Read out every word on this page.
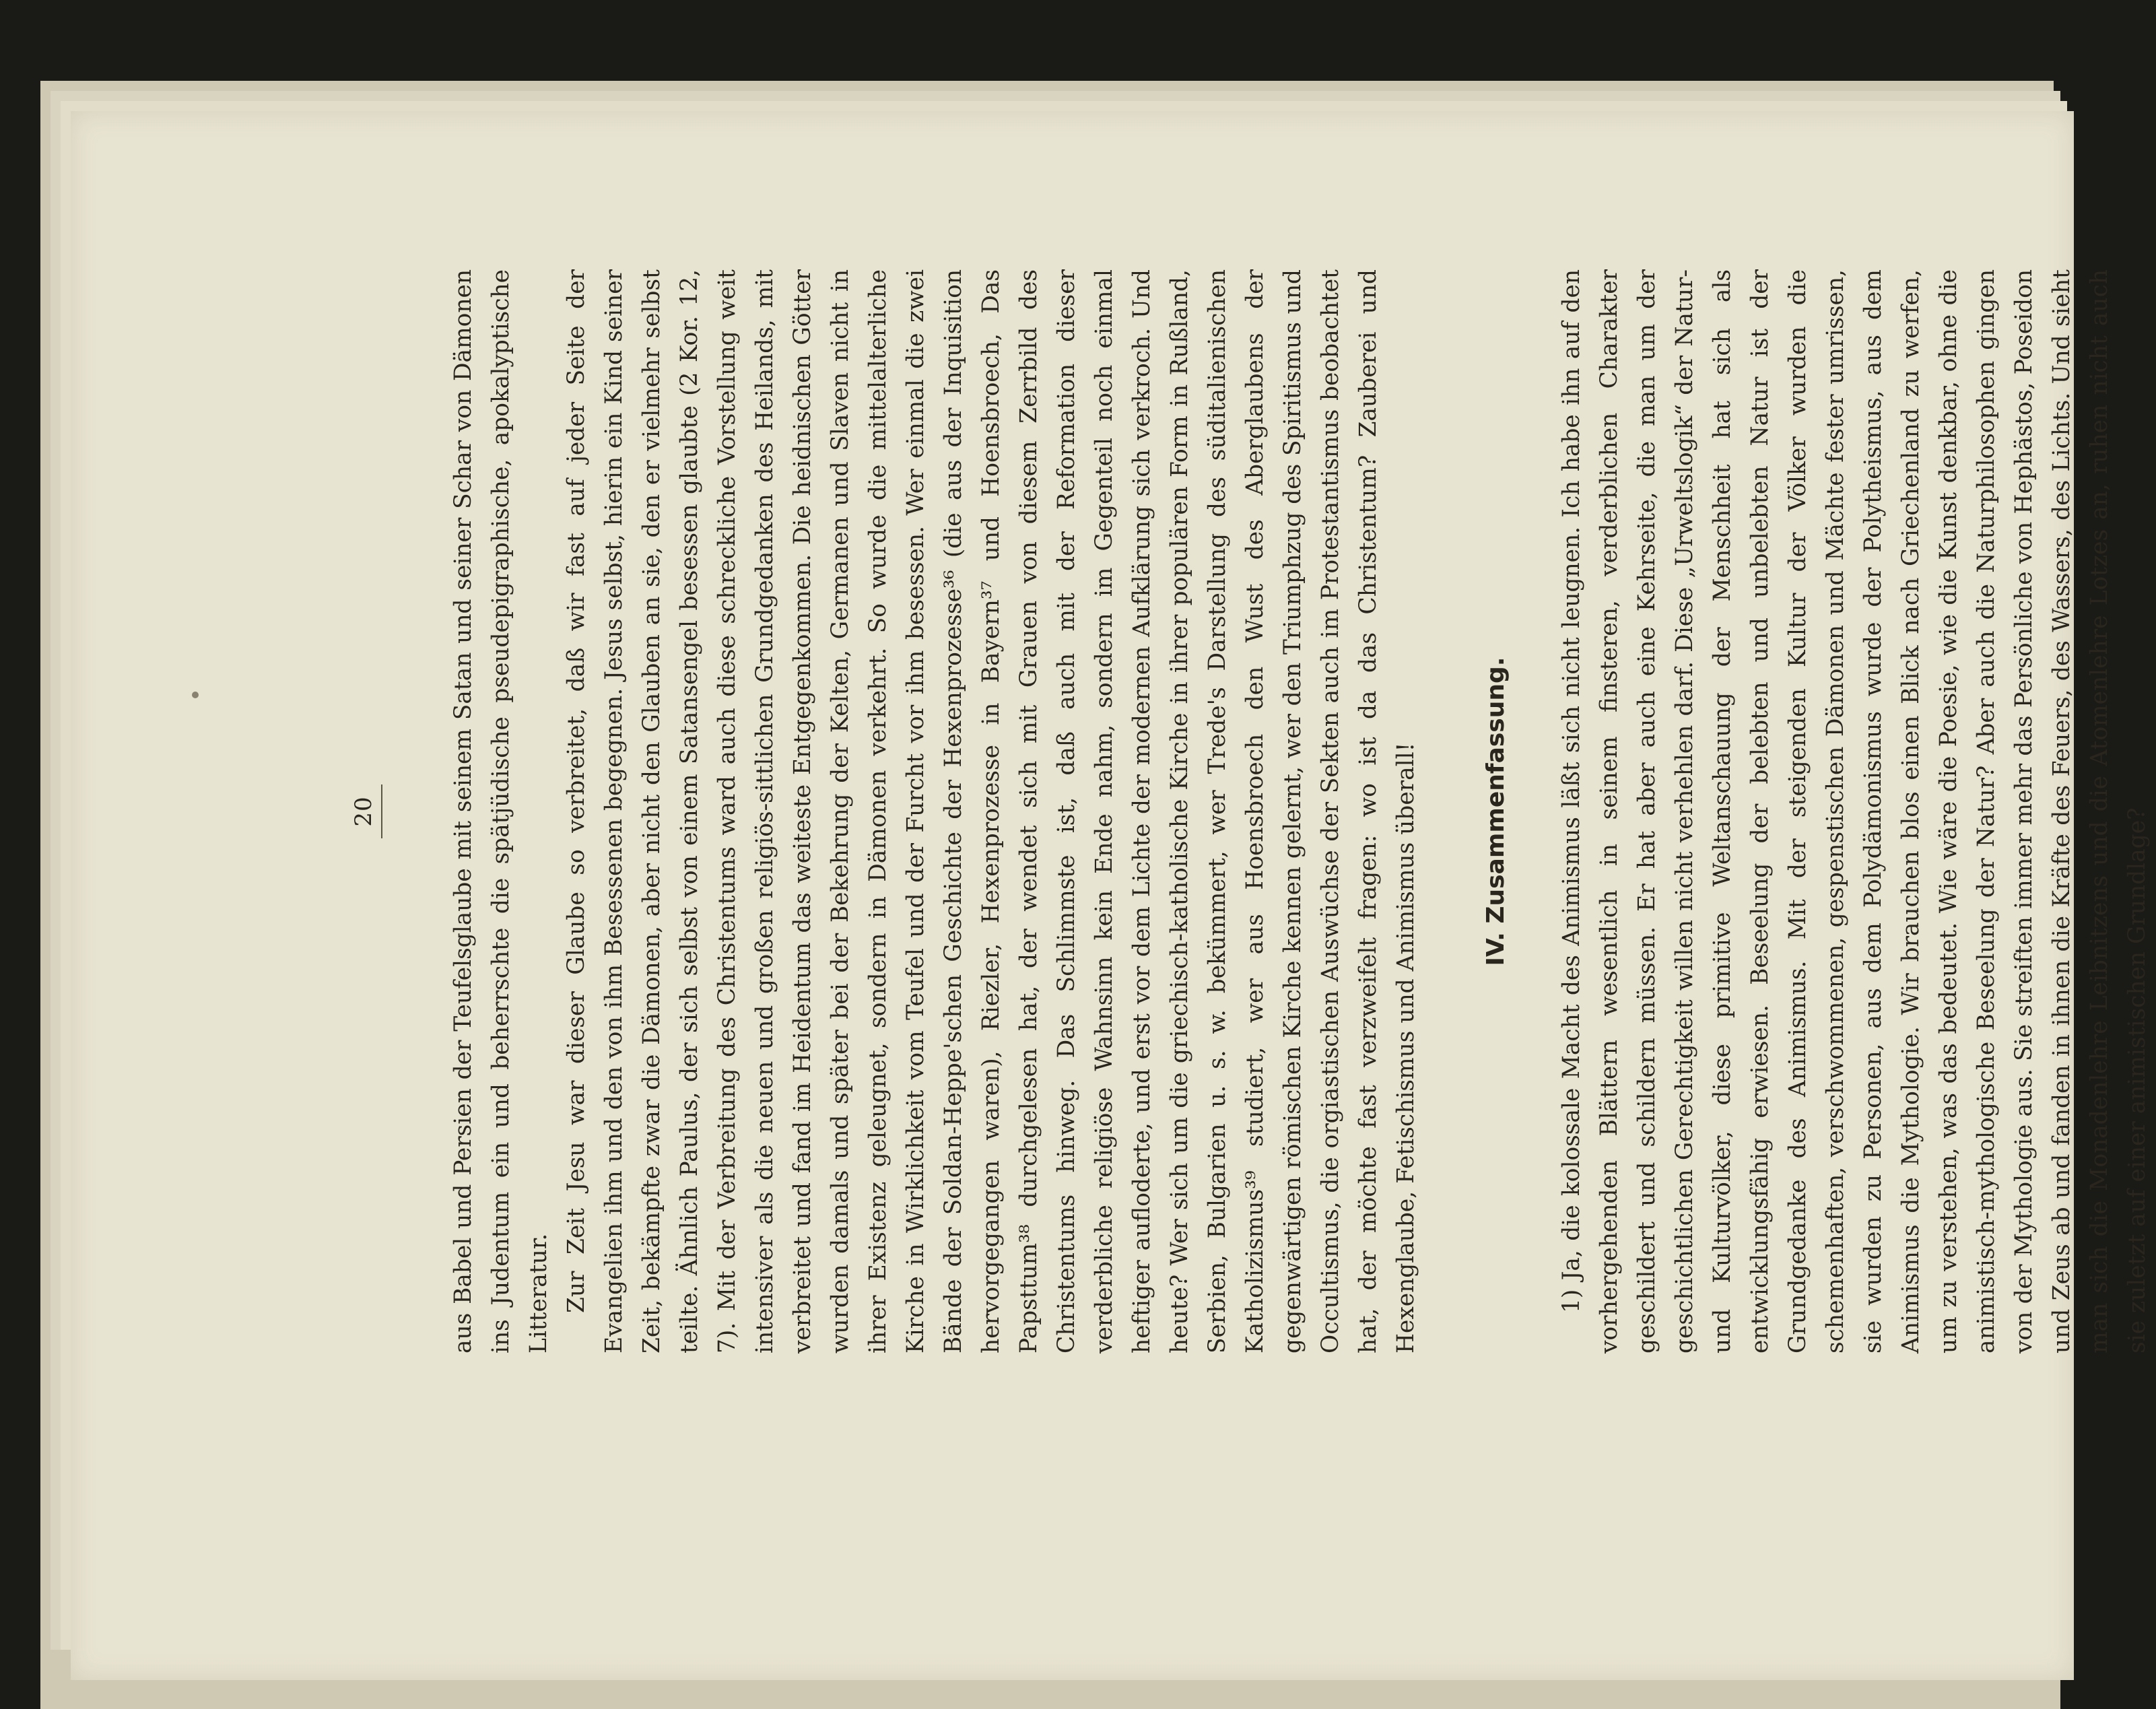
20	aus Babel und Persien der Teufelsglaube mit seinem Satan und seiner Schar von Dämonen ins Judentum ein und beherrschte die spätjüdische pseudepigraphische, apokalyptische Litteratur. Zur Zeit Jesu war dieser Glaube so verbreitet, daß wir fast auf jeder Seite der Evangelien ihm und den von ihm Besessenen begegnen. Jesus selbst, hierin ein Kind seiner Zeit, bekämpfte zwar die Dämonen, aber nicht den Glauben an sie, den er vielmehr selbst teilte. Ähnlich Paulus, der sich selbst von einem Satansengel besessen glaubte (2 Kor. 12, 7). Mit der Verbreitung des Christentums ward auch diese schreckliche Vorstellung weit intensiver als die neuen und großen religiös-sittlichen Grundgedanken des Heilands, mit verbreitet und fand im Heidentum das weiteste Entgegenkommen. Die heidnischen Götter wurden damals und später bei der Bekehrung der Kelten, Germanen und Slaven nicht in ihrer Existenz geleugnet, sondern in Dämonen verkehrt. So wurde die mittelalterliche Kirche in Wirklichkeit vom Teufel und der Furcht vor ihm besessen. Wer einmal die zwei Bände der Soldan-Heppe'schen Geschichte der Hexenprozesse³⁶ (die aus der Inquisition hervorgegangen waren), Riezler, Hexenprozesse in Bayern³⁷ und Hoensbroech, Das Papsttum³⁸ durchgelesen hat, der wendet sich mit Grauen von diesem Zerrbild des Christentums hinweg. Das Schlimmste ist, daß auch mit der Reformation dieser verderbliche religiöse Wahnsinn kein Ende nahm, sondern im Gegenteil noch einmal heftiger aufloderte, und erst vor dem Lichte der modernen Aufklärung sich verkroch. Und heute? Wer sich um die griechisch-katholische Kirche in ihrer populären Form in Rußland, Serbien, Bulgarien u. s. w. bekümmert, wer Trede's Darstellung des süditalienischen Katholizismus³⁹ studiert, wer aus Hoensbroech den Wust des Aberglaubens der gegenwärtigen römischen Kirche kennen gelernt, wer den Triumphzug des Spiritismus und Occultismus, die orgiastischen Auswüchse der Sekten auch im Protestantismus beobachtet hat, der möchte fast verzweifelt fragen: wo ist da das Christentum? Zauberei und Hexenglaube, Fetischismus und Animismus überall!	IV. Zusammenfassung. 1) Ja, die kolossale Macht des Animismus läßt sich nicht leugnen. Ich habe ihn auf den vorhergehenden Blättern wesentlich in seinem finsteren, verderblichen Charakter geschildert und schildern müssen. Er hat aber auch eine Kehrseite, die man um der geschichtlichen Gerechtigkeit willen nicht verhehlen darf. Diese „Urweltslogik“ der Natur- und Kulturvölker, diese primitive Weltanschauung der Menschheit hat sich als entwicklungsfähig erwiesen. Beseelung der belebten und unbelebten Natur ist der Grundgedanke des Animismus. Mit der steigenden Kultur der Völker wurden die schemenhaften, verschwommenen, gespenstischen Dämonen und Mächte fester umrissen, sie wurden zu Personen, aus dem Polydämonismus wurde der Polytheismus, aus dem Animismus die Mythologie. Wir brauchen blos einen Blick nach Griechenland zu werfen, um zu verstehen, was das bedeutet. Wie wäre die Poesie, wie die Kunst denkbar, ohne die animistisch-mythologische Beseelung der Natur? Aber auch die Naturphilosophen gingen von der Mythologie aus. Sie streiften immer mehr das Persönliche von Hephästos, Poseidon und Zeus ab und fanden in ihnen die Kräfte des Feuers, des Wassers, des Lichts. Und sieht man sich die Monadenlehre Leibnitzens und die Atomenlehre Lotzes an, ruhen nicht auch sie zuletzt auf einer animistischen Grundlage?
